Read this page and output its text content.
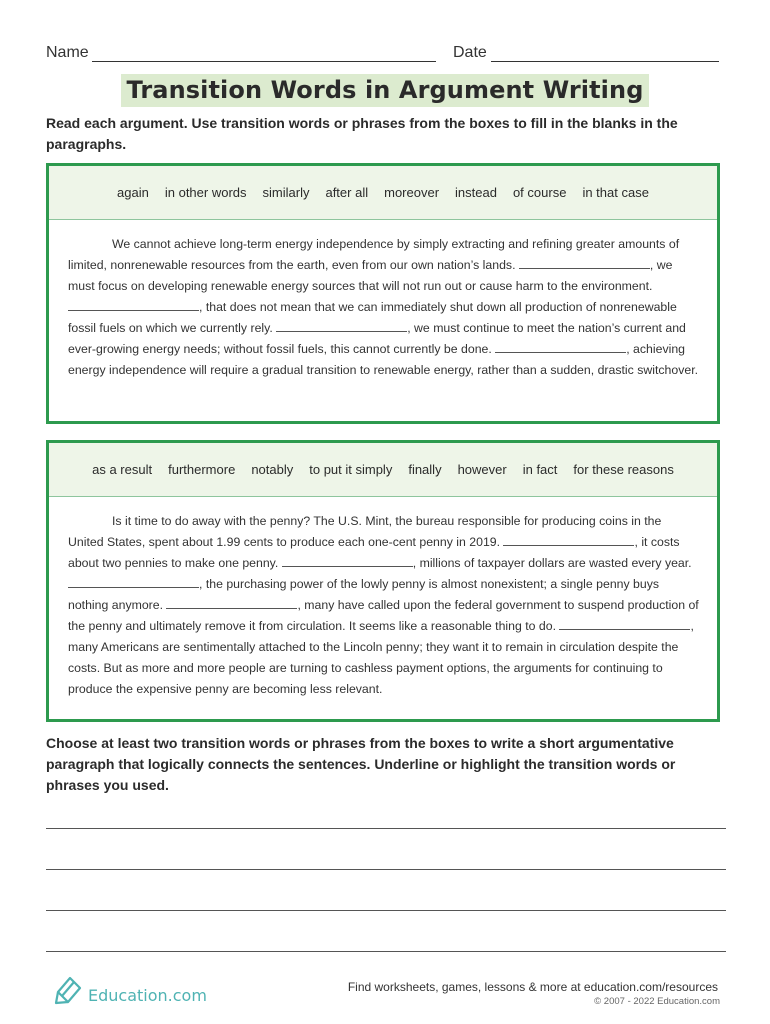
Name	Date
Transition Words in Argument Writing
Read each argument. Use transition words or phrases from the boxes to fill in the blanks in the paragraphs.
again	in other words	similarly	after all	moreover	instead	of course	in that case
We cannot achieve long-term energy independence by simply extracting and refining greater amounts of limited, nonrenewable resources from the earth, even from our own nation’s lands.	, we must focus on developing renewable energy sources that will not run out or cause harm to the environment. , that does not mean that we can immediately shut down all production of nonrenewable fossil fuels on which we currently rely.	, we must continue to meet the nation’s current and ever-growing energy needs; without fossil fuels, this cannot currently be done.	, achieving energy independence will require a gradual transition to renewable energy, rather than a sudden, drastic switchover.
as a result	furthermore	notably	to put it simply	finally	however	in fact	for these reasons
Is it time to do away with the penny? The U.S. Mint, the bureau responsible for producing coins in the United States, spent about 1.99 cents to produce each one-cent penny in 2019.	, it costs about two pennies to make one penny.	, millions of taxpayer dollars are wasted every year. , the purchasing power of the lowly penny is almost nonexistent; a single penny buys nothing anymore.	, many have called upon the federal government to suspend production of the penny and ultimately remove it from circulation. It seems like a reasonable thing to do.	, many Americans are sentimentally attached to the Lincoln penny; they want it to remain in circulation despite the costs. But as more and more people are turning to cashless payment options, the arguments for continuing to produce the expensive penny are becoming less relevant.
Choose at least two transition words or phrases from the boxes to write a short argumentative paragraph that logically connects the sentences. Underline or highlight the transition words or phrases you used.
Education.com	Find worksheets, games, lessons & more at education.com/resources
© 2007 - 2022 Education.com
